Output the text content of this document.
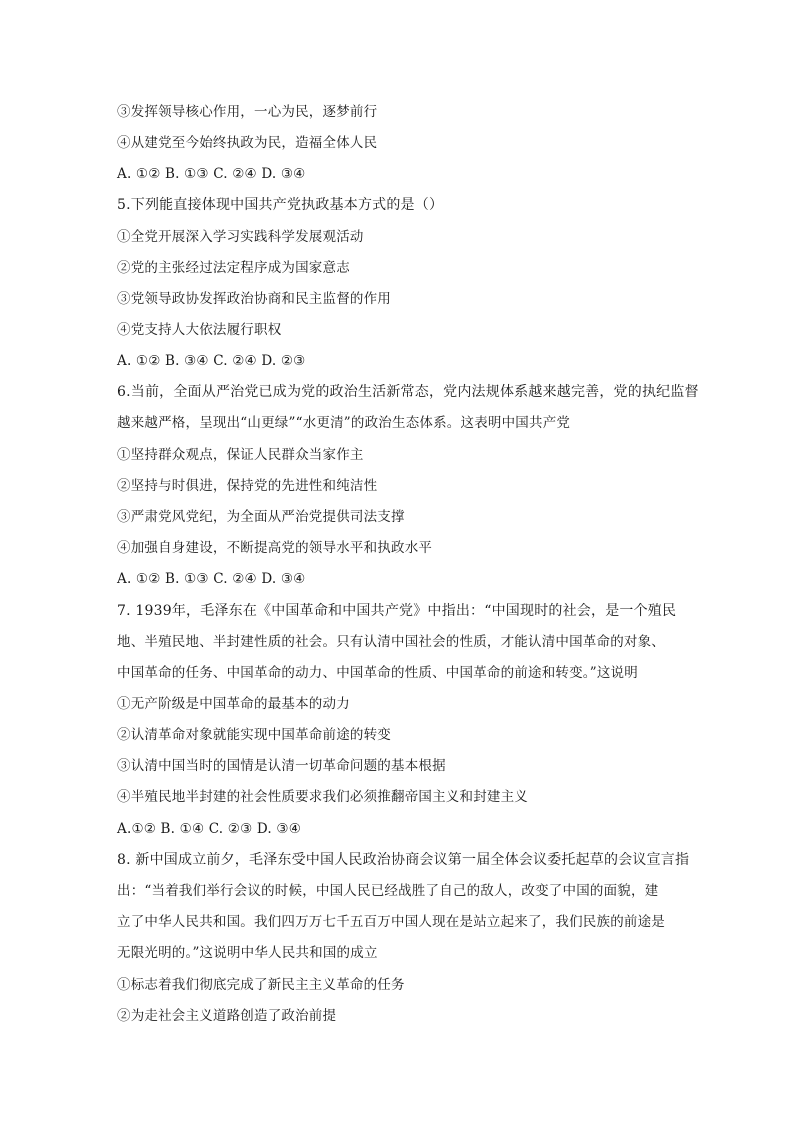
③发挥领导核心作用，一心为民，逐梦前行
④从建党至今始终执政为民，造福全体人民
A. ①② B. ①③ C. ②④ D. ③④
5.下列能直接体现中国共产党执政基本方式的是（）
①全党开展深入学习实践科学发展观活动
②党的主张经过法定程序成为国家意志
③党领导政协发挥政治协商和民主监督的作用
④党支持人大依法履行职权
A. ①② B. ③④ C. ②④ D. ②③
6.当前，全面从严治党已成为党的政治生活新常态，党内法规体系越来越完善，党的执纪监督
越来越严格，呈现出“山更绿”“水更清”的政治生态体系。这表明中国共产党
①坚持群众观点，保证人民群众当家作主
②坚持与时俱进，保持党的先进性和纯洁性
③严肃党风党纪，为全面从严治党提供司法支撑
④加强自身建设，不断提高党的领导水平和执政水平
A. ①② B. ①③ C. ②④ D. ③④
7. 1939年，毛泽东在《中国革命和中国共产党》中指出：“中国现时的社会，是一个殖民
地、半殖民地、半封建性质的社会。只有认清中国社会的性质，才能认清中国革命的对象、
中国革命的任务、中国革命的动力、中国革命的性质、中国革命的前途和转变。”这说明
①无产阶级是中国革命的最基本的动力
②认清革命对象就能实现中国革命前途的转变
③认清中国当时的国情是认清一切革命问题的基本根据
④半殖民地半封建的社会性质要求我们必须推翻帝国主义和封建主义
A.①② B. ①④ C. ②③ D. ③④
8. 新中国成立前夕，毛泽东受中国人民政治协商会议第一届全体会议委托起草的会议宣言指
出：“当着我们举行会议的时候，中国人民已经战胜了自己的敌人，改变了中国的面貌，建
立了中华人民共和国。我们四万万七千五百万中国人现在是站立起来了，我们民族的前途是
无限光明的。”这说明中华人民共和国的成立
①标志着我们彻底完成了新民主主义革命的任务
②为走社会主义道路创造了政治前提
